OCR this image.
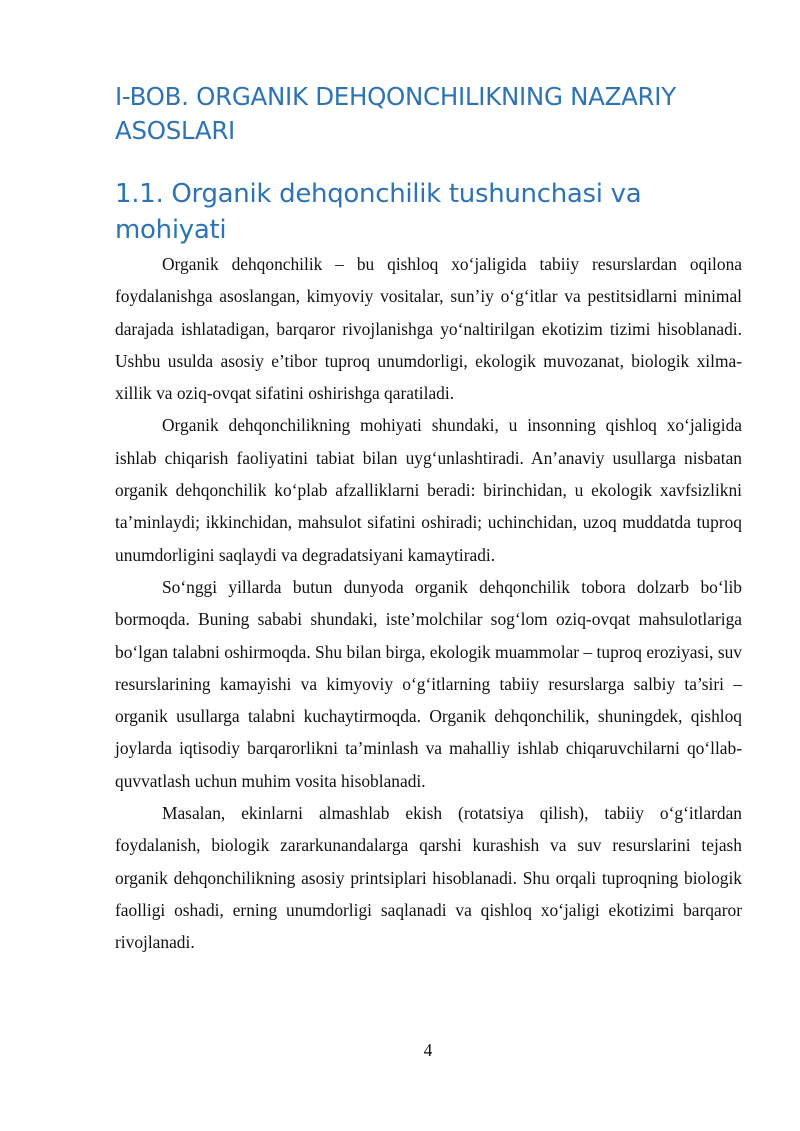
I-BOB. ORGANIK DEHQONCHILIKNING NAZARIY ASOSLARI
1.1. Organik dehqonchilik tushunchasi va mohiyati

Organik dehqonchilik – bu qishloq xo‘jaligida tabiiy resurslardan oqilona foydalanishga asoslangan, kimyoviy vositalar, sun’iy o‘g‘itlar va pestitsidlarni minimal darajada ishlatadigan, barqaror rivojlanishga yo‘naltirilgan ekotizim tizimi hisoblanadi. Ushbu usulda asosiy e’tibor tuproq unumdorligi, ekologik muvozanat, biologik xilma-xillik va oziq-ovqat sifatini oshirishga qaratiladi.

Organik dehqonchilikning mohiyati shundaki, u insonning qishloq xo‘jaligida ishlab chiqarish faoliyatini tabiat bilan uyg‘unlashtiradi. An’anaviy usullarga nisbatan organik dehqonchilik ko‘plab afzalliklarni beradi: birinchidan, u ekologik xavfsizlikni ta’minlaydi; ikkinchidan, mahsulot sifatini oshiradi; uchinchidan, uzoq muddatda tuproq unumdorligini saqlaydi va degradatsiyani kamaytiradi.

So‘nggi yillarda butun dunyoda organik dehqonchilik tobora dolzarb bo‘lib bormoqda. Buning sababi shundaki, iste’molchilar sog‘lom oziq-ovqat mahsulotlariga bo‘lgan talabni oshirmoqda. Shu bilan birga, ekologik muammolar – tuproq eroziyasi, suv resurslarining kamayishi va kimyoviy o‘g‘itlarning tabiiy resurslarga salbiy ta’siri – organik usullarga talabni kuchaytirmoqda. Organik dehqonchilik, shuningdek, qishloq joylarda iqtisodiy barqarorlikni ta’minlash va mahalliy ishlab chiqaruvchilarni qo‘llab-quvvatlash uchun muhim vosita hisoblanadi.

Masalan, ekinlarni almashlab ekish (rotatsiya qilish), tabiiy o‘g‘itlardan foydalanish, biologik zararkunandalarga qarshi kurashish va suv resurslarini tejash organik dehqonchilikning asosiy printsiplari hisoblanadi. Shu orqali tuproqning biologik faolligi oshadi, erning unumdorligi saqlanadi va qishloq xo‘jaligi ekotizimi barqaror rivojlanadi.

4
